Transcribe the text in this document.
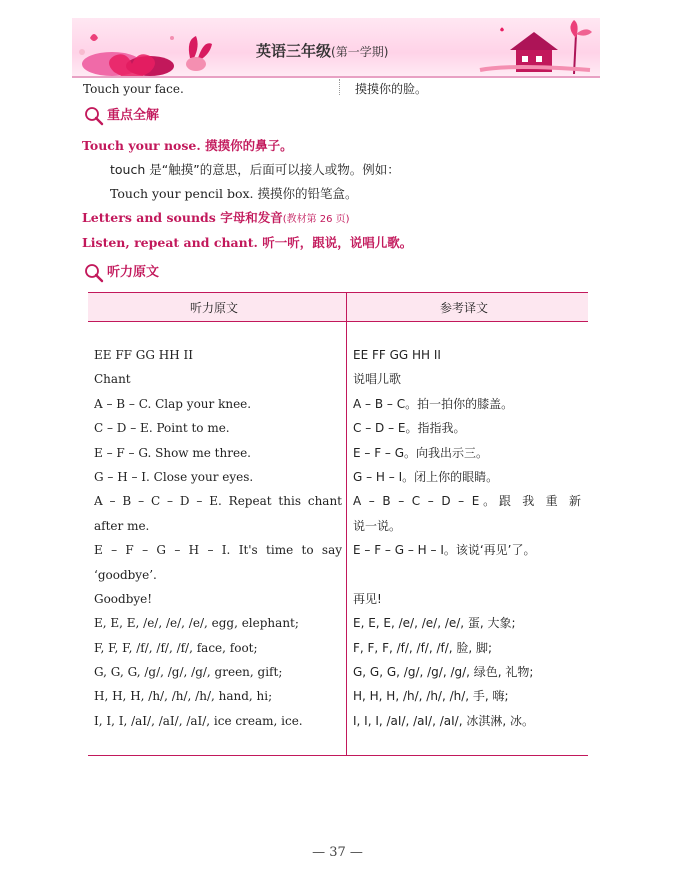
英语三年级(第一学期)
Touch your face.	摸摸你的脸。
重点全解
Touch your nose. 摸摸你的鼻子。
touch 是“触摸”的意思，后面可以接人或物。例如：
Touch your pencil box. 摸摸你的铅笔盒。
Letters and sounds 字母和发音(教材第 26 页)
Listen, repeat and chant. 听一听，跟说，说唱儿歌。
听力原文
听力原文	参考译文
EE FF GG HH II
Chant
A – B – C. Clap your knee.
C – D – E. Point to me.
E – F – G. Show me three.
G – H – I. Close your eyes.
A – B – C – D – E. Repeat this chant
after me.
E – F – G – H – I. It's time to say
‘goodbye’.
Goodbye!
E, E, E, /e/, /e/, /e/, egg, elephant;
F, F, F, /f/, /f/, /f/, face, foot;
G, G, G, /g/, /g/, /g/, green, gift;
H, H, H, /h/, /h/, /h/, hand, hi;
I, I, I, /aI/, /aI/, /aI/, ice cream, ice.
EE FF GG HH II
说唱儿歌
A – B – C。拍一拍你的膝盖。
C – D – E。指指我。
E – F – G。向我出示三。
G – H – I。闭上你的眼睛。
A – B – C – D – E。跟 我 重 新
说一说。
E – F – G – H – I。该说‘再见’了。
再见!
E, E, E, /e/, /e/, /e/, 蛋, 大象;
F, F, F, /f/, /f/, /f/, 脸, 脚;
G, G, G, /g/, /g/, /g/, 绿色, 礼物;
H, H, H, /h/, /h/, /h/, 手, 嗨;
I, I, I, /aI/, /aI/, /aI/, 冰淇淋, 冰。
— 37 —
